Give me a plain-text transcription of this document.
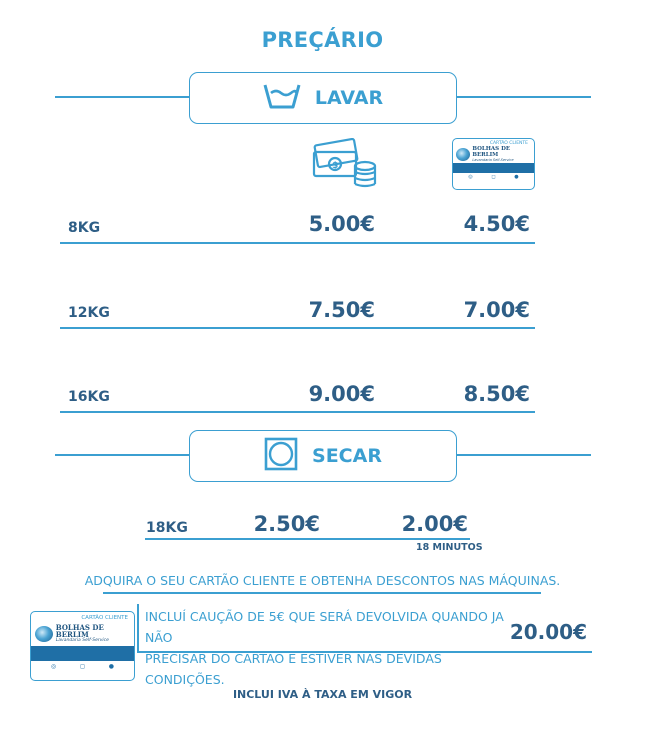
PREÇÁRIO
LAVAR
$
CARTÃO CLIENTE
BOLHAS DE BERLIM
Lavandaria Self-Service
◎	◻	●
8KG	5.00€	4.50€
12KG	7.50€	7.00€
16KG	9.00€	8.50€
SECAR
18KG	2.50€	2.00€
18 MINUTOS
ADQUIRA O SEU CARTÃO CLIENTE E OBTENHA DESCONTOS NAS MÁQUINAS.
CARTÃO CLIENTE
BOLHAS DE BERLIM
Lavandaria Self-Service
◎	◻	●
INCLUÍ CAUÇÃO DE 5€ QUE SERÁ DEVOLVIDA QUANDO JA NÃO
PRECISAR DO CARTÃO E ESTIVER NAS DEVIDAS CONDIÇÕES.
20.00€
INCLUI IVA À TAXA EM VIGOR
